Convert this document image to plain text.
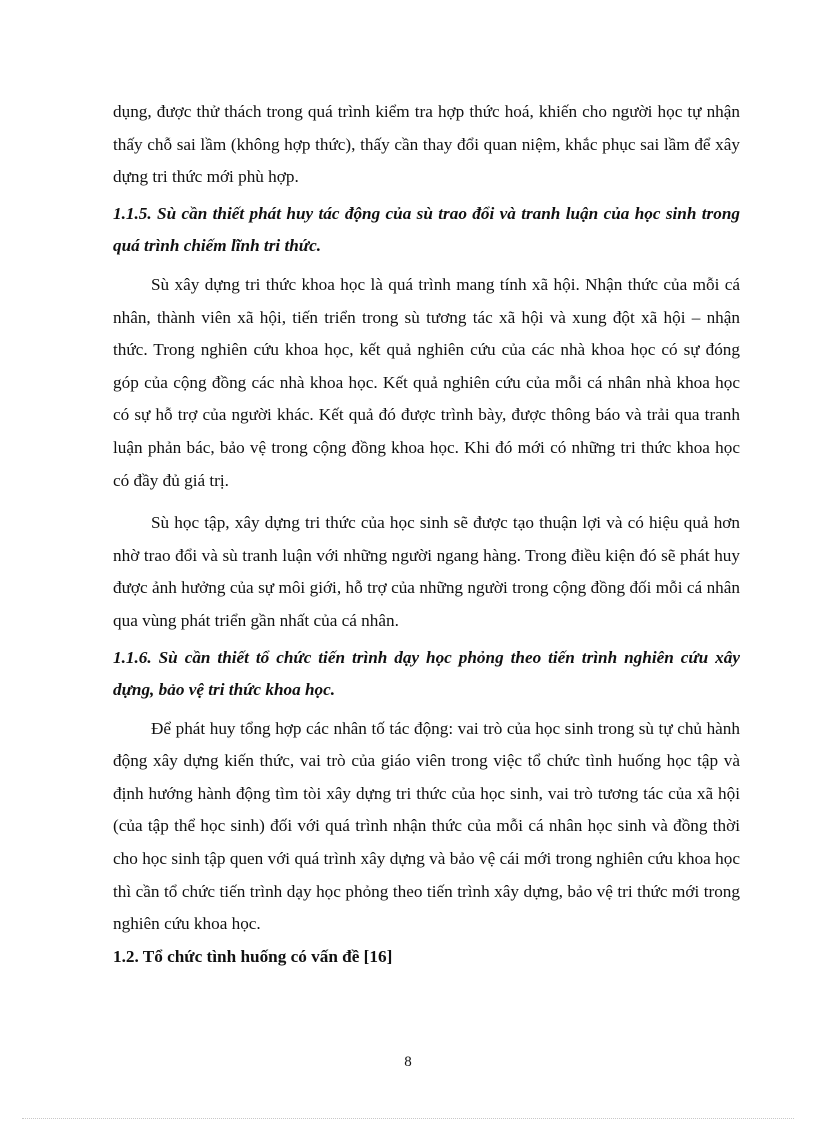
dụng, được thử thách trong quá trình kiểm tra hợp thức hoá, khiến cho người học tự nhận thấy chỗ sai lầm (không hợp thức), thấy cần thay đổi quan niệm, khắc phục sai lầm để xây dựng tri thức mới phù hợp.

1.1.5. Sù cần thiết phát huy tác động của sù trao đổi và tranh luận của học sinh trong quá trình chiếm lĩnh tri thức.

Sù xây dựng tri thức khoa học là quá trình mang tính xã hội. Nhận thức của mỗi cá nhân, thành viên xã hội, tiến triển trong sù tương tác xã hội và xung đột xã hội – nhận thức. Trong nghiên cứu khoa học, kết quả nghiên cứu của các nhà khoa học có sự đóng góp của cộng đồng các nhà khoa học. Kết quả nghiên cứu của mỗi cá nhân nhà khoa học có sự hỗ trợ của người khác. Kết quả đó được trình bày, được thông báo và trải qua tranh luận phản bác, bảo vệ trong cộng đồng khoa học. Khi đó mới có những tri thức khoa học có đầy đủ giá trị.

Sù học tập, xây dựng tri thức của học sinh sẽ được tạo thuận lợi và có hiệu quả hơn nhờ trao đổi và sù tranh luận với những người ngang hàng. Trong điều kiện đó sẽ phát huy được ảnh hưởng của sự môi giới, hỗ trợ của những người trong cộng đồng đối mỗi cá nhân qua vùng phát triển gần nhất của cá nhân.

1.1.6. Sù cần thiết tổ chức tiến trình dạy học phỏng theo tiến trình nghiên cứu xây dựng, bảo vệ tri thức khoa học.

Để phát huy tổng hợp các nhân tố tác động: vai trò của học sinh trong sù tự chủ hành động xây dựng kiến thức, vai trò của giáo viên trong việc tổ chức tình huống học tập và định hướng hành động tìm tòi xây dựng tri thức của học sinh, vai trò tương tác của xã hội (của tập thể học sinh) đối với quá trình nhận thức của mỗi cá nhân học sinh và đồng thời cho học sinh tập quen với quá trình xây dựng và bảo vệ cái mới trong nghiên cứu khoa học thì cần tổ chức tiến trình dạy học phỏng theo tiến trình xây dựng, bảo vệ tri thức mới trong nghiên cứu khoa học.

1.2. Tổ chức tình huống có vấn đề [16]

8
